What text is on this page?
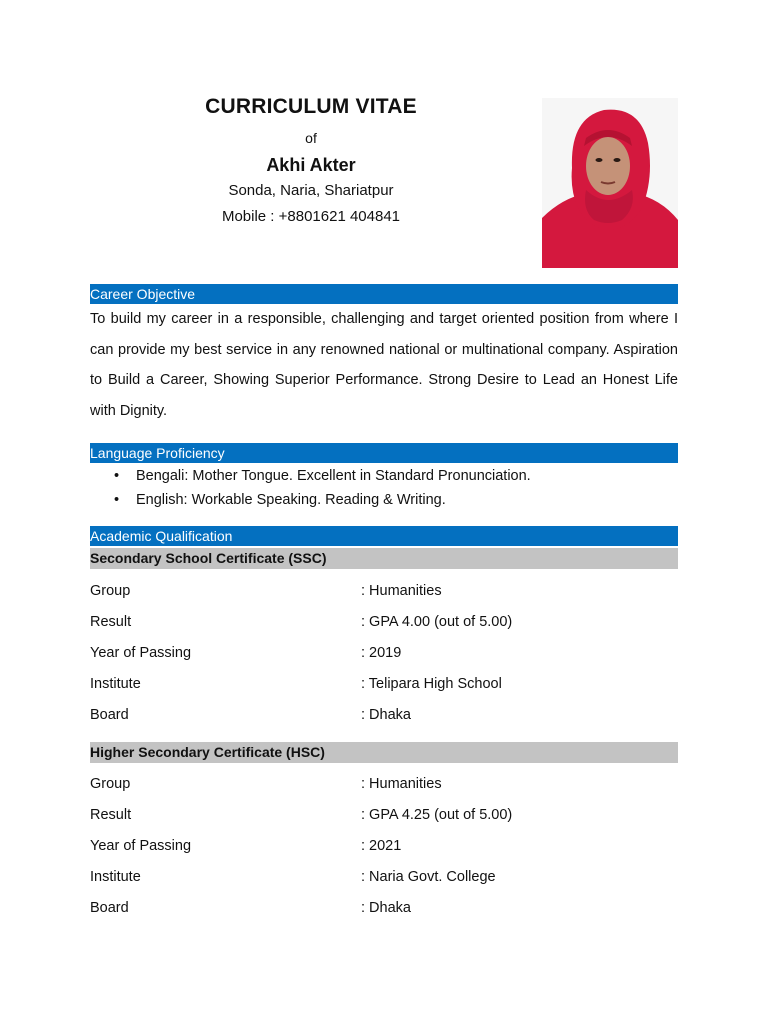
CURRICULUM VITAE
of
Akhi Akter
Sonda, Naria, Shariatpur
Mobile : +8801621 404841
Career Objective
To build my career in a responsible, challenging and target oriented position from where I can provide my best service in any renowned national or multinational company. Aspiration to Build a Career, Showing Superior Performance. Strong Desire to Lead an Honest Life with Dignity.
Language Proficiency
• Bengali: Mother Tongue. Excellent in Standard Pronunciation.
• English: Workable Speaking. Reading & Writing.
Academic Qualification
Secondary School Certificate (SSC)
Group	: Humanities
Result	: GPA 4.00 (out of 5.00)
Year of Passing	: 2019
Institute	: Telipara High School
Board	: Dhaka
Higher Secondary Certificate (HSC)
Group	: Humanities
Result	: GPA 4.25 (out of 5.00)
Year of Passing	: 2021
Institute	: Naria Govt. College
Board	: Dhaka
